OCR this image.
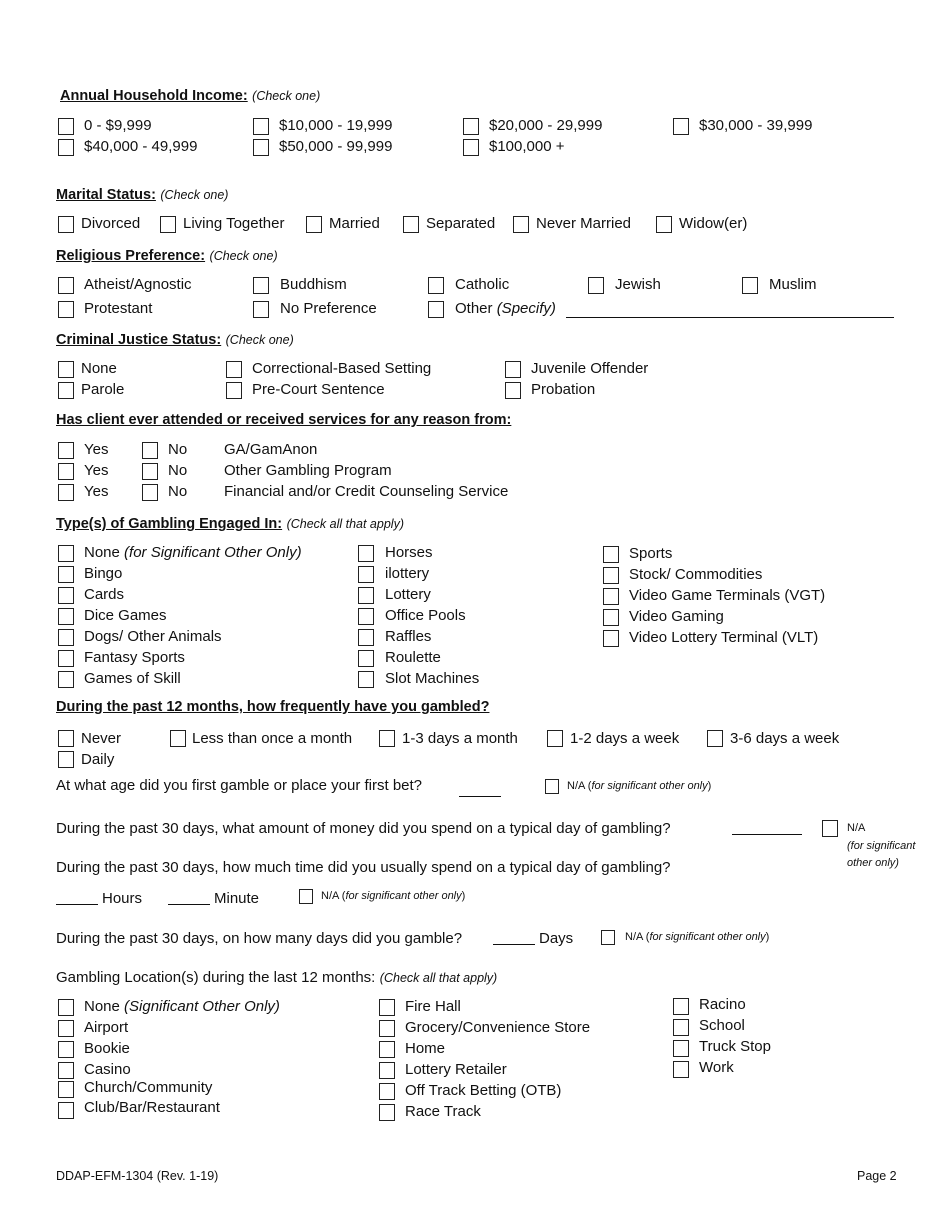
Annual Household Income: (Check one)
0 - $9,999	$10,000 - 19,999	$20,000 - 29,999	$30,000 - 39,999
$40,000 - 49,999	$50,000 - 99,999	$100,000 +
Marital Status: (Check one)
Divorced	Living Together	Married	Separated	Never Married	Widow(er)
Religious Preference: (Check one)
Atheist/Agnostic	Buddhism	Catholic	Jewish	Muslim
Protestant	No Preference	Other (Specify)
Criminal Justice Status: (Check one)
None	Correctional-Based Setting	Juvenile Offender
Parole	Pre-Court Sentence	Probation
Has client ever attended or received services for any reason from:
Yes	No GA/GamAnon
Yes	No Other Gambling Program
Yes	No Financial and/or Credit Counseling Service
Type(s) of Gambling Engaged In: (Check all that apply)
None (for Significant Other Only)
Bingo
Cards
Dice Games
Dogs/ Other Animals
Fantasy Sports
Games of Skill
Horses
ilottery
Lottery
Office Pools
Raffles
Roulette
Slot Machines
Sports
Stock/ Commodities
Video Game Terminals (VGT)
Video Gaming
Video Lottery Terminal (VLT)
During the past 12 months, how frequently have you gambled?
Never	Less than once a month	1-3 days a month	1-2 days a week	3-6 days a week
Daily
At what age did you first gamble or place your first bet?	N/A (for significant other only)
During the past 30 days, what amount of money did you spend on a typical day of gambling?	N/A
(for significant
other only)
During the past 30 days, how much time did you usually spend on a typical day of gambling?
Hours	Minute	N/A (for significant other only)
During the past 30 days, on how many days did you gamble?	Days	N/A (for significant other only)
Gambling Location(s) during the last 12 months: (Check all that apply)
None (Significant Other Only)
Airport
Bookie
Casino
Church/Community
Club/Bar/Restaurant
Fire Hall
Grocery/Convenience Store
Home
Lottery Retailer
Off Track Betting (OTB)
Race Track
Racino
School
Truck Stop
Work
DDAP-EFM-1304 (Rev. 1-19)	Page 2
